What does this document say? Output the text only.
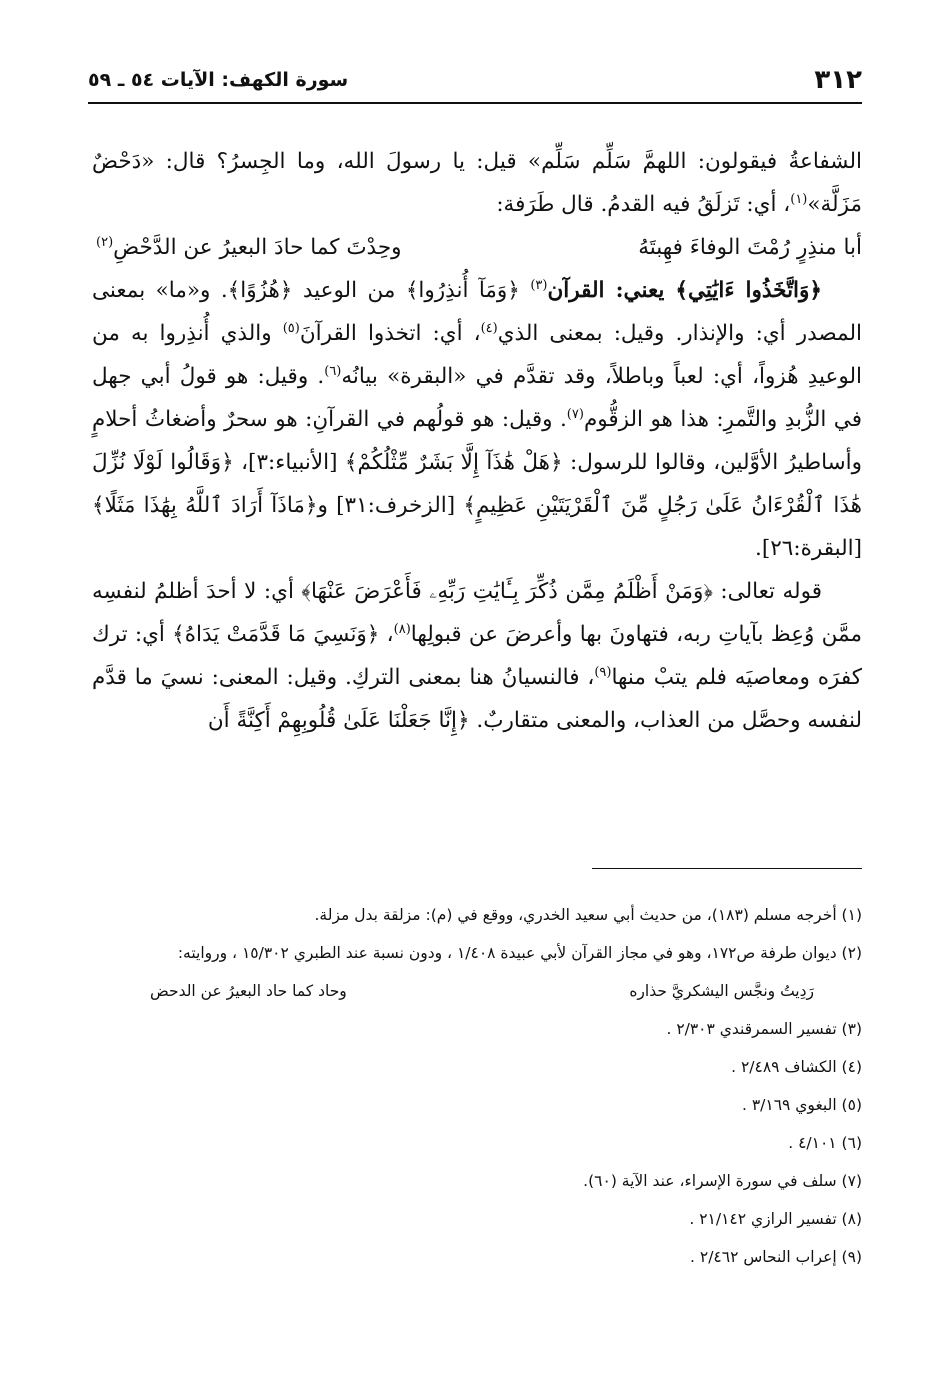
٣١٢
سورة الكهف: الآيات ٥٤ ـ ٥٩

الشفاعةُ فيقولون: اللهمَّ سَلِّم سَلِّم» قيل: يا رسولَ الله، وما الجِسرُ؟ قال: «دَحْضٌ مَزَلَّة»$^{(١)}$، أي: تَزلَقُ فيه القدمُ. قال طَرَفة:

أبا منذِرٍ رُمْتَ الوفاءَ فهِبتَهُ
وحِدْتَ كما حادَ البعيرُ عن الدَّحْضِ$^{(٢)}$

﴿وَاتَّخَذُوا ءَايَٰتِي﴾ يعني: القرآن$^{(٣)}$ ﴿وَمَآ أُنذِرُوا﴾ من الوعيد ﴿هُزُوًا﴾. و«ما» بمعنى المصدر أي: والإنذار. وقيل: بمعنى الذي$^{(٤)}$، أي: اتخذوا القرآنَ$^{(٥)}$ والذي أُنذِروا به من الوعيدِ هُزواً، أي: لعباً وباطلاً، وقد تقدَّم في «البقرة» بيانُه$^{(٦)}$. وقيل: هو قولُ أبي جهل في الزُّبدِ والتَّمرِ: هذا هو الزقُّوم$^{(٧)}$. وقيل: هو قولُهم في القرآنِ: هو سحرٌ وأضغاثُ أحلامٍ وأساطيرُ الأوَّلين، وقالوا للرسول: ﴿هَلْ هَٰذَآ إِلَّا بَشَرٌ مِّثْلُكُمْ﴾ [الأنبياء:٣]، ﴿وَقَالُوا لَوْلَا نُزِّلَ هَٰذَا ٱلْقُرْءَانُ عَلَىٰ رَجُلٍ مِّنَ ٱلْقَرْيَتَيْنِ عَظِيمٍ﴾ [الزخرف:٣١] و﴿مَاذَآ أَرَادَ ٱللَّهُ بِهَٰذَا مَثَلًا﴾ [البقرة:٢٦].

قوله تعالى: ﴿وَمَنْ أَظْلَمُ مِمَّن ذُكِّرَ بِـَٔايَٰتِ رَبِّهِۦ فَأَعْرَضَ عَنْهَا﴾ أي: لا أحدَ أظلمُ لنفسِه ممَّن وُعِظ بآياتِ ربه، فتهاونَ بها وأعرضَ عن قبولِها$^{(٨)}$، ﴿وَنَسِيَ مَا قَدَّمَتْ يَدَاهُ﴾ أي: ترك كفرَه ومعاصيَه فلم يتبْ منها$^{(٩)}$، فالنسيانُ هنا بمعنى التركِ. وقيل: المعنى: نسيَ ما قدَّم لنفسه وحصَّل من العذاب، والمعنى متقاربٌ. ﴿إِنَّا جَعَلْنَا عَلَىٰ قُلُوبِهِمْ أَكِنَّةً أَن

(١) أخرجه مسلم (١٨٣)، من حديث أبي سعيد الخدري، ووقع في (م): مزلقة بدل مزلة.

(٢) ديوان طرفة ص١٧٢، وهو في مجاز القرآن لأبي عبيدة ١/٤٠٨ ، ودون نسبة عند الطبري ١٥/٣٠٢ ، وروايته:

رَدِيتُ ونجَّس اليشكريَّ حذاره
وحاد كما حاد البعيرُ عن الدحض

(٣) تفسير السمرقندي ٢/٣٠٣ .

(٤) الكشاف ٢/٤٨٩ .

(٥) البغوي ٣/١٦٩ .

(٦) ٤/١٠١ .

(٧) سلف في سورة الإسراء، عند الآية (٦٠).

(٨) تفسير الرازي ٢١/١٤٢ .

(٩) إعراب النحاس ٢/٤٦٢ .
